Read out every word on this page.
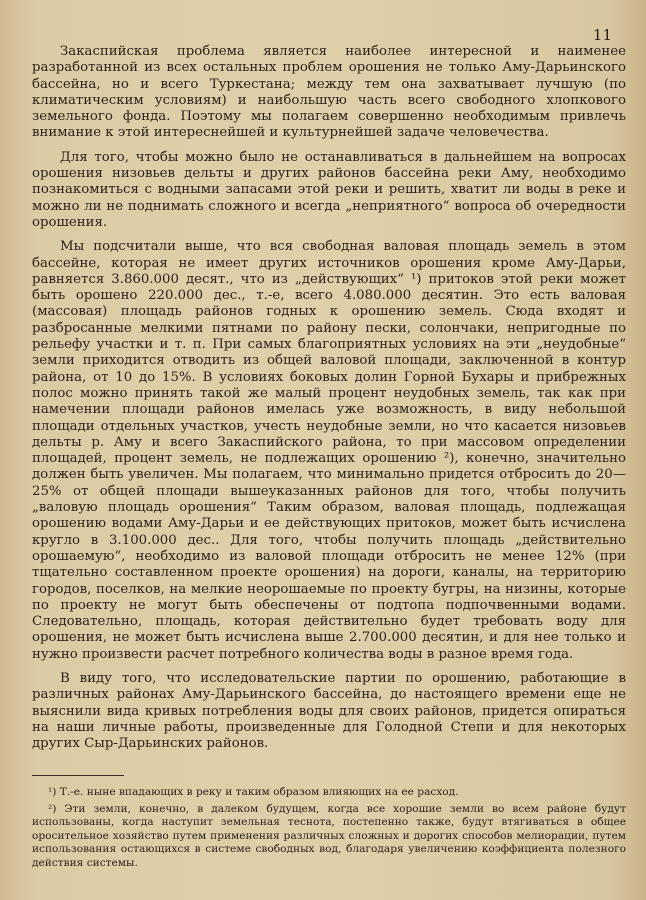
11

Закаспийская проблема является наиболее интересной и наименее разработанной из всех остальных проблем орошения не только Аму-Дарьинского бассейна, но и всего Туркестана; между тем она захватывает лучшую (по климатическим условиям) и наибольшую часть всего свободного хлопкового земельного фонда. Поэтому мы полагаем совершенно необходимым привлечь внимание к этой интереснейшей и культурнейшей задаче человечества.

Для того, чтобы можно было не останавливаться в дальнейшем на вопросах орошения низовьев дельты и других районов бассейна реки Аму, необходимо познакомиться с водными запасами этой реки и решить, хватит ли воды в реке и можно ли не поднимать сложного и всегда „неприятного“ вопроса об очередности орошения.

Мы подсчитали выше, что вся свободная валовая площадь земель в этом бассейне, которая не имеет других источников орошения кроме Аму-Дарьи, равняется 3.860.000 десят., что из „действующих“ ¹) притоков этой реки может быть орошено 220.000 дес., т.-е, всего 4.080.000 десятин. Это есть валовая (массовая) площадь районов годных к орошению земель. Сюда входят и разбросанные мелкими пятнами по району пески, солончаки, непригодные по рельефу участки и т. п. При самых благоприятных условиях на эти „неудобные“ земли приходится отводить из общей валовой площади, заключенной в контур района, от 10 до 15%. В условиях боковых долин Горной Бухары и прибрежных полос можно принять такой же малый процент неудобных земель, так как при намечении площади районов имелась уже возможность, в виду небольшой площади отдельных участков, учесть неудобные земли, но что касается низовьев дельты р. Аму и всего Закаспийского района, то при массовом определении площадей, процент земель, не подлежащих орошению ²), конечно, значительно должен быть увеличен. Мы полагаем, что минимально придется отбросить до 20—25% от общей площади вышеуказанных районов для того, чтобы получить „валовую площадь орошения“ Таким образом, валовая площадь, подлежащая орошению водами Аму-Дарьи и ее действующих притоков, может быть исчислена кругло в 3.100.000 дес.. Для того, чтобы получить площадь „действительно орошаемую“, необходимо из валовой площади отбросить не менее 12% (при тщательно составленном проекте орошения) на дороги, каналы, на территорию городов, поселков, на мелкие неорошаемые по проекту бугры, на низины, которые по проекту не могут быть обеспечены от подтопа подпочвенными водами. Следовательно, площадь, которая действительно будет требовать воду для орошения, не может быть исчислена выше 2.700.000 десятин, и для нее только и нужно произвести расчет потребного количества воды в разное время года.

В виду того, что исследовательские партии по орошению, работающие в различных районах Аму-Дарьинского бассейна, до настоящего времени еще не выяснили вида кривых потребления воды для своих районов, придется опираться на наши личные работы, произведенные для Голодной Степи и для некоторых других Сыр-Дарьинских районов.

¹) Т.-е. ныне впадающих в реку и таким образом влияющих на ее расход.

²) Эти земли, конечно, в далеком будущем, когда все хорошие земли во всем районе будут использованы, когда наступит земельная теснота, постепенно также, будут втягиваться в общее оросительное хозяйство путем применения различных сложных и дорогих способов мелиорации, путем использования остающихся в системе свободных вод, благодаря увеличению коэффициента полезного действия системы.
